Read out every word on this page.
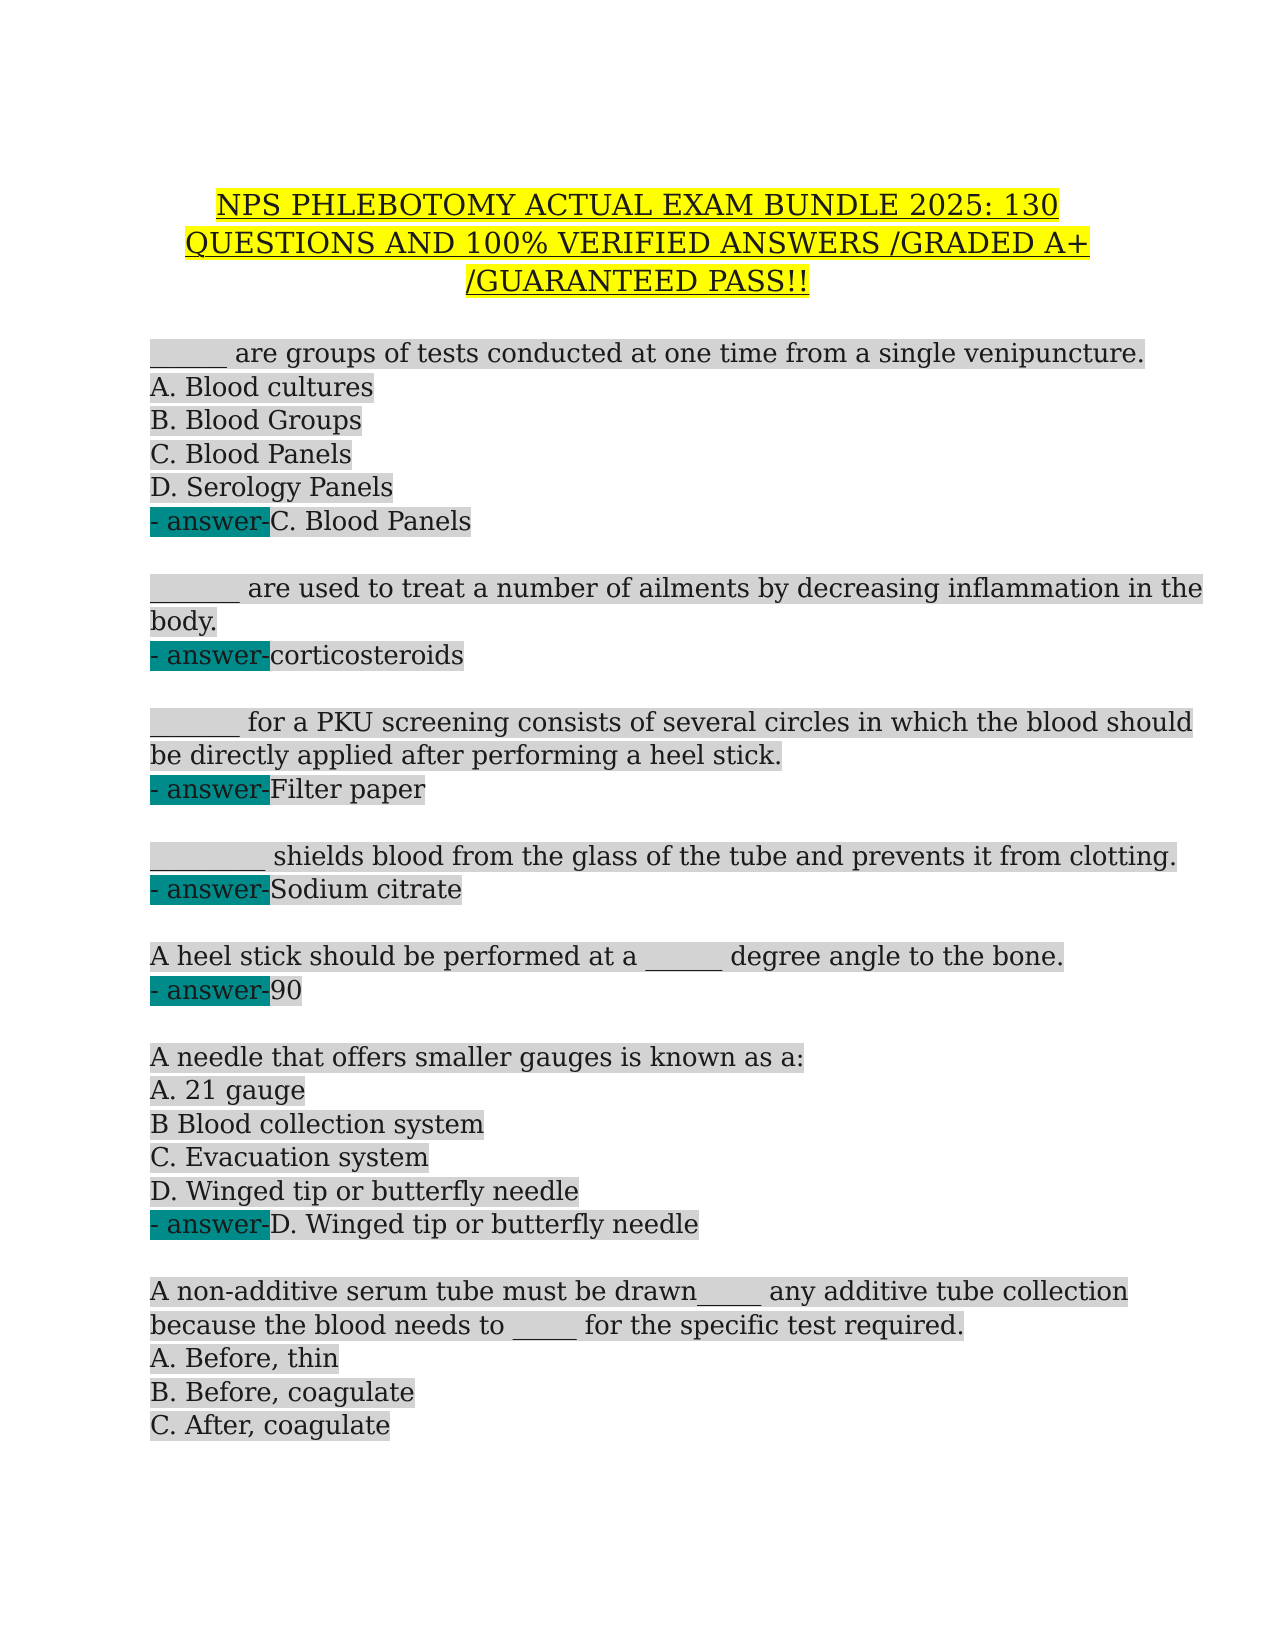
NPS PHLEBOTOMY ACTUAL EXAM BUNDLE 2025: 130
QUESTIONS AND 100% VERIFIED ANSWERS /GRADED A+
/GUARANTEED PASS!!
______ are groups of tests conducted at one time from a single venipuncture.
A. Blood cultures
B. Blood Groups
C. Blood Panels
D. Serology Panels
- answer-C. Blood Panels
_______ are used to treat a number of ailments by decreasing inflammation in the
body.
- answer-corticosteroids
_______ for a PKU screening consists of several circles in which the blood should
be directly applied after performing a heel stick.
- answer-Filter paper
_________ shields blood from the glass of the tube and prevents it from clotting.
- answer-Sodium citrate
A heel stick should be performed at a ______ degree angle to the bone.
- answer-90
A needle that offers smaller gauges is known as a:
A. 21 gauge
B Blood collection system
C. Evacuation system
D. Winged tip or butterfly needle
- answer-D. Winged tip or butterfly needle
A non-additive serum tube must be drawn_____ any additive tube collection
because the blood needs to _____ for the specific test required.
A. Before, thin
B. Before, coagulate
C. After, coagulate
